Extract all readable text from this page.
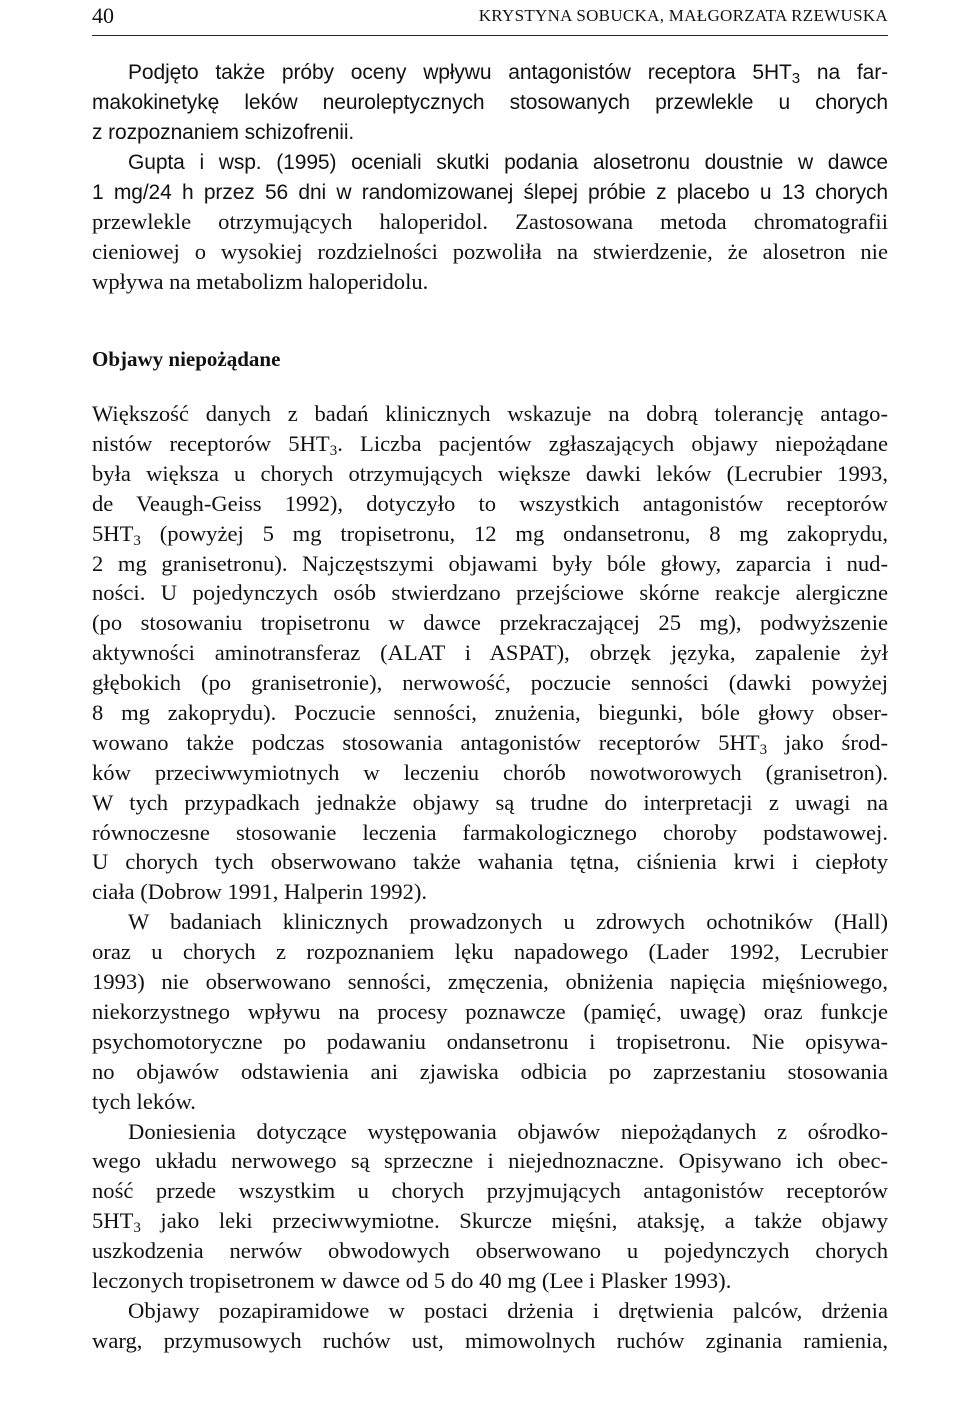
40	KRYSTYNA SOBUCKA, MAŁGORZATA RZEWUSKA
Podjęto także próby oceny wpływu antagonistów receptora $5HT_3$ na far-
makokinetykę leków neuroleptycznych stosowanych przewlekle u chorych
z rozpoznaniem schizofrenii.
Gupta i wsp. (1995) oceniali skutki podania alosetronu doustnie w dawce
1 mg/24 h przez 56 dni w randomizowanej ślepej próbie z placebo u 13 chorych
przewlekle otrzymujących haloperidol. Zastosowana metoda chromatografii
cieniowej o wysokiej rozdzielności pozwoliła na stwierdzenie, że alosetron nie
wpływa na metabolizm haloperidolu.
Objawy niepożądane
Większość danych z badań klinicznych wskazuje na dobrą tolerancję antago-
nistów receptorów $5HT_3$. Liczba pacjentów zgłaszających objawy niepożądane
była większa u chorych otrzymujących większe dawki leków (Lecrubier 1993,
de Veaugh-Geiss 1992), dotyczyło to wszystkich antagonistów receptorów
$5HT_3$ (powyżej 5 mg tropisetronu, 12 mg ondansetronu, 8 mg zakoprydu,
2 mg granisetronu). Najczęstszymi objawami były bóle głowy, zaparcia i nud-
ności. U pojedynczych osób stwierdzano przejściowe skórne reakcje alergiczne
(po stosowaniu tropisetronu w dawce przekraczającej 25 mg), podwyższenie
aktywności aminotransferaz (ALAT i ASPAT), obrzęk języka, zapalenie żył
głębokich (po granisetronie), nerwowość, poczucie senności (dawki powyżej
8 mg zakoprydu). Poczucie senności, znużenia, biegunki, bóle głowy obser-
wowano także podczas stosowania antagonistów receptorów $5HT_3$ jako środ-
ków przeciwwymiotnych w leczeniu chorób nowotworowych (granisetron).
W tych przypadkach jednakże objawy są trudne do interpretacji z uwagi na
równoczesne stosowanie leczenia farmakologicznego choroby podstawowej.
U chorych tych obserwowano także wahania tętna, ciśnienia krwi i ciepłoty
ciała (Dobrow 1991, Halperin 1992).
W badaniach klinicznych prowadzonych u zdrowych ochotników (Hall)
oraz u chorych z rozpoznaniem lęku napadowego (Lader 1992, Lecrubier
1993) nie obserwowano senności, zmęczenia, obniżenia napięcia mięśniowego,
niekorzystnego wpływu na procesy poznawcze (pamięć, uwagę) oraz funkcje
psychomotoryczne po podawaniu ondansetronu i tropisetronu. Nie opisywa-
no objawów odstawienia ani zjawiska odbicia po zaprzestaniu stosowania
tych leków.
Doniesienia dotyczące występowania objawów niepożądanych z ośrodko-
wego układu nerwowego są sprzeczne i niejednoznaczne. Opisywano ich obec-
ność przede wszystkim u chorych przyjmujących antagonistów receptorów
$5HT_3$ jako leki przeciwwymiotne. Skurcze mięśni, ataksję, a także objawy
uszkodzenia nerwów obwodowych obserwowano u pojedynczych chorych
leczonych tropisetronem w dawce od 5 do 40 mg (Lee i Plasker 1993).
Objawy pozapiramidowe w postaci drżenia i drętwienia palców, drżenia
warg, przymusowych ruchów ust, mimowolnych ruchów zginania ramienia,
